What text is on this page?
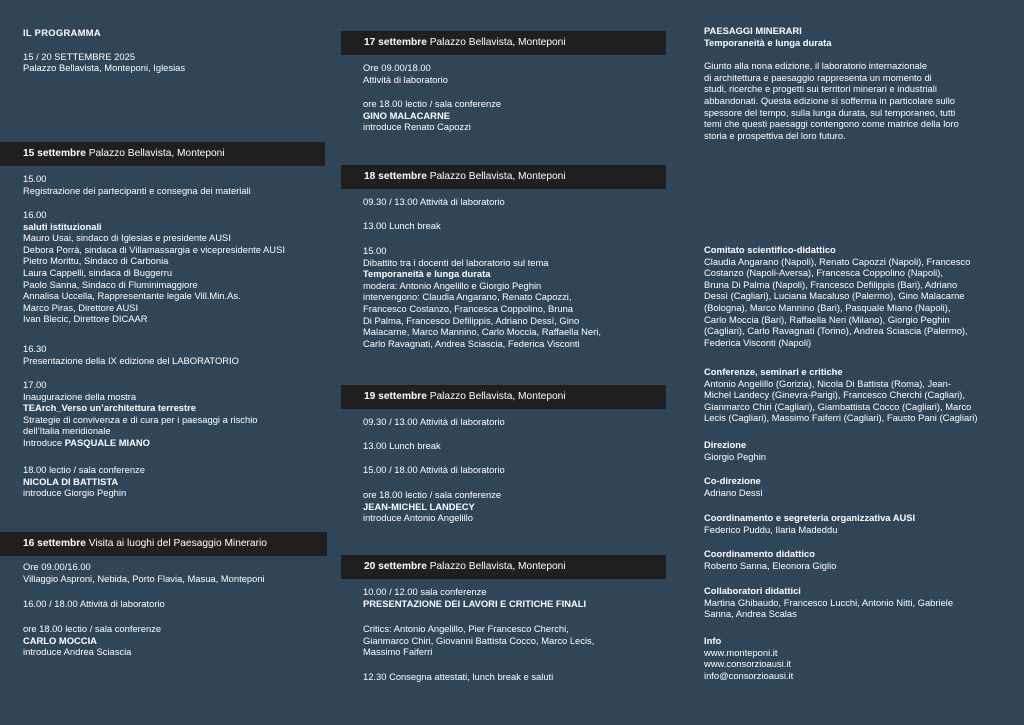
IL PROGRAMMA
15 / 20 SETTEMBRE 2025
Palazzo Bellavista, Monteponi, Iglesias
15 settembre Palazzo Bellavista, Monteponi
15.00
Registrazione dei partecipanti e consegna dei materiali
16.00
saluti istituzionali
Mauro Usai, sindaco di Iglesias e presidente AUSI
Debora Porrà, sindaca di Villamassargia e vicepresidente AUSI
Pietro Morittu, Sindaco di Carbonia
Laura Cappelli, sindaca di Buggerru
Paolo Sanna, Sindaco di Fluminimaggiore
Annalisa Uccella, Rappresentante legale Vill.Min.As.
Marco Piras, Direttore AUSI
Ivan Blecic, Direttore DICAAR
16.30
Presentazione della IX edizione del LABORATORIO
17.00
Inaugurazione della mostra
TEArch_Verso un’architettura terrestre
Strategie di convivenza e di cura per i paesaggi a rischio
dell’Italia meridionale
Introduce PASQUALE MIANO
18.00 lectio / sala conferenze
NICOLA DI BATTISTA
introduce Giorgio Peghin
16 settembre Visita ai luoghi del Paesaggio Minerario
Ore 09.00/16.00
Villaggio Asproni, Nebida, Porto Flavia, Masua, Monteponi
16.00 / 18.00 Attività di laboratorio
ore 18.00 lectio / sala conferenze
CARLO MOCCIA
introduce Andrea Sciascia
17 settembre Palazzo Bellavista, Monteponi
Ore 09.00/18.00
Attività di laboratorio
ore 18.00 lectio / sala conferenze
GINO MALACARNE
introduce Renato Capozzi
18 settembre Palazzo Bellavista, Monteponi
09.30 / 13.00 Attività di laboratorio
13.00 Lunch break
15.00
Dibattito tra i docenti del laboratorio sul tema
Temporaneità e lunga durata
modera: Antonio Angelillo e Giorgio Peghin
intervengono: Claudia Angarano, Renato Capozzi,
Francesco Costanzo, Francesca Coppolino, Bruna
Di Palma, Francesco Defilippis, Adriano Dessì, Gino
Malacarne, Marco Mannino, Carlo Moccia, Raffaella Neri,
Carlo Ravagnati, Andrea Sciascia, Federica Visconti
19 settembre Palazzo Bellavista, Monteponi
09.30 / 13.00 Attività di laboratorio
13.00 Lunch break
15.00 / 18.00 Attività di laboratorio
ore 18.00 lectio / sala conferenze
JEAN-MICHEL LANDECY
introduce Antonio Angelillo
20 settembre Palazzo Bellavista, Monteponi
10.00 / 12.00 sala conferenze
PRESENTAZIONE DEI LAVORI E CRITICHE FINALI
Critics: Antonio Angelillo, Pier Francesco Cherchi,
Gianmarco Chiri, Giovanni Battista Cocco, Marco Lecis,
Massimo Faiferri
12.30 Consegna attestati, lunch break e saluti
PAESAGGI MINERARI
Temporaneità e lunga durata
Giunto alla nona edizione, il laboratorio internazionale
di architettura e paesaggio rappresenta un momento di
studi, ricerche e progetti sui territori minerari e industriali
abbandonati. Questa edizione si sofferma in particolare sullo
spessore del tempo, sulla lunga durata, sul temporaneo, tutti
temi che questi paesaggi contengono come matrice della loro
storia e prospettiva del loro futuro.
Comitato scientifico-didattico
Claudia Angarano (Napoli), Renato Capozzi (Napoli), Francesco
Costanzo (Napoli-Aversa), Francesca Coppolino (Napoli),
Bruna Di Palma (Napoli), Francesco Defilippis (Bari), Adriano
Dessì (Cagliari), Luciana Macaluso (Palermo), Gino Malacarne
(Bologna), Marco Mannino (Bari), Pasquale Miano (Napoli),
Carlo Moccia (Bari), Raffaella Neri (Milano), Giorgio Peghin
(Cagliari), Carlo Ravagnati (Torino), Andrea Sciascia (Palermo),
Federica Visconti (Napoli)
Conferenze, seminari e critiche
Antonio Angelillo (Gorizia), Nicola Di Battista (Roma), Jean-
Michel Landecy (Ginevra-Parigi), Francesco Cherchi (Cagliari),
Gianmarco Chiri (Cagliari), Giambattista Cocco (Cagliari), Marco
Lecis (Cagliari), Massimo Faiferri (Cagliari), Fausto Pani (Cagliari)
Direzione
Giorgio Peghin
Co-direzione
Adriano Dessì
Coordinamento e segreteria organizzativa AUSI
Federico Puddu, Ilaria Madeddu
Coordinamento didattico
Roberto Sanna, Eleonora Giglio
Collaboratori didattici
Martina Ghibaudo, Francesco Lucchi, Antonio Nitti, Gabriele
Sanna, Andrea Scalas
Info
www.monteponi.it
www.consorzioausi.it
info@consorzioausi.it
